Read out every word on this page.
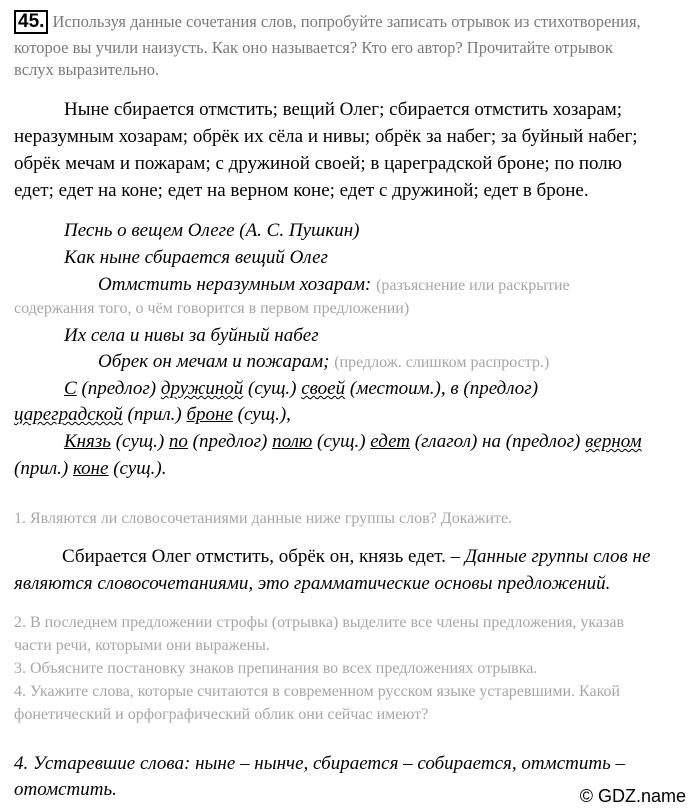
45. Используя данные сочетания слов, попробуйте записать отрывок из стихотворения,
которое вы учили наизусть. Как оно называется? Кто его автор? Прочитайте отрывок
вслух выразительно.
Ныне сбирается отмстить; вещий Олег; сбирается отмстить хозарам;
неразумным хозарам; обрёк их сёла и нивы; обрёк за набег; за буйный набег;
обрёк мечам и пожарам; с дружиной своей; в цареградской броне; по полю
едет; едет на коне; едет на верном коне; едет с дружиной; едет в броне.
Песнь о вещем Олеге (А. С. Пушкин)
Как ныне сбирается вещий Олег
Отмстить неразумным хозарам: (разъяснение или раскрытие
содержания того, о чём говорится в первом предложении)
Их села и нивы за буйный набег
Обрек он мечам и пожарам; (предлож. слишком распростр.)
С (предлог) дружиной (сущ.) своей (местоим.), в (предлог)
цареградской (прил.) броне (сущ.),
Князь (сущ.) по (предлог) полю (сущ.) едет (глагол) на (предлог) верном
(прил.) коне (сущ.).
1. Являются ли словосочетаниями данные ниже группы слов? Докажите.
Сбирается Олег отмстить, обрёк он, князь едет. – Данные группы слов не
являются словосочетаниями, это грамматические основы предложений.
2. В последнем предложении строфы (отрывка) выделите все члены предложения, указав
части речи, которыми они выражены.
3. Объясните постановку знаков препинания во всех предложениях отрывка.
4. Укажите слова, которые считаются в современном русском языке устаревшими. Какой
фонетический и орфографический облик они сейчас имеют?
4. Устаревшие слова: ныне – нынче, сбирается – собирается, отмстить –
отомстить.	© GDZ.name
